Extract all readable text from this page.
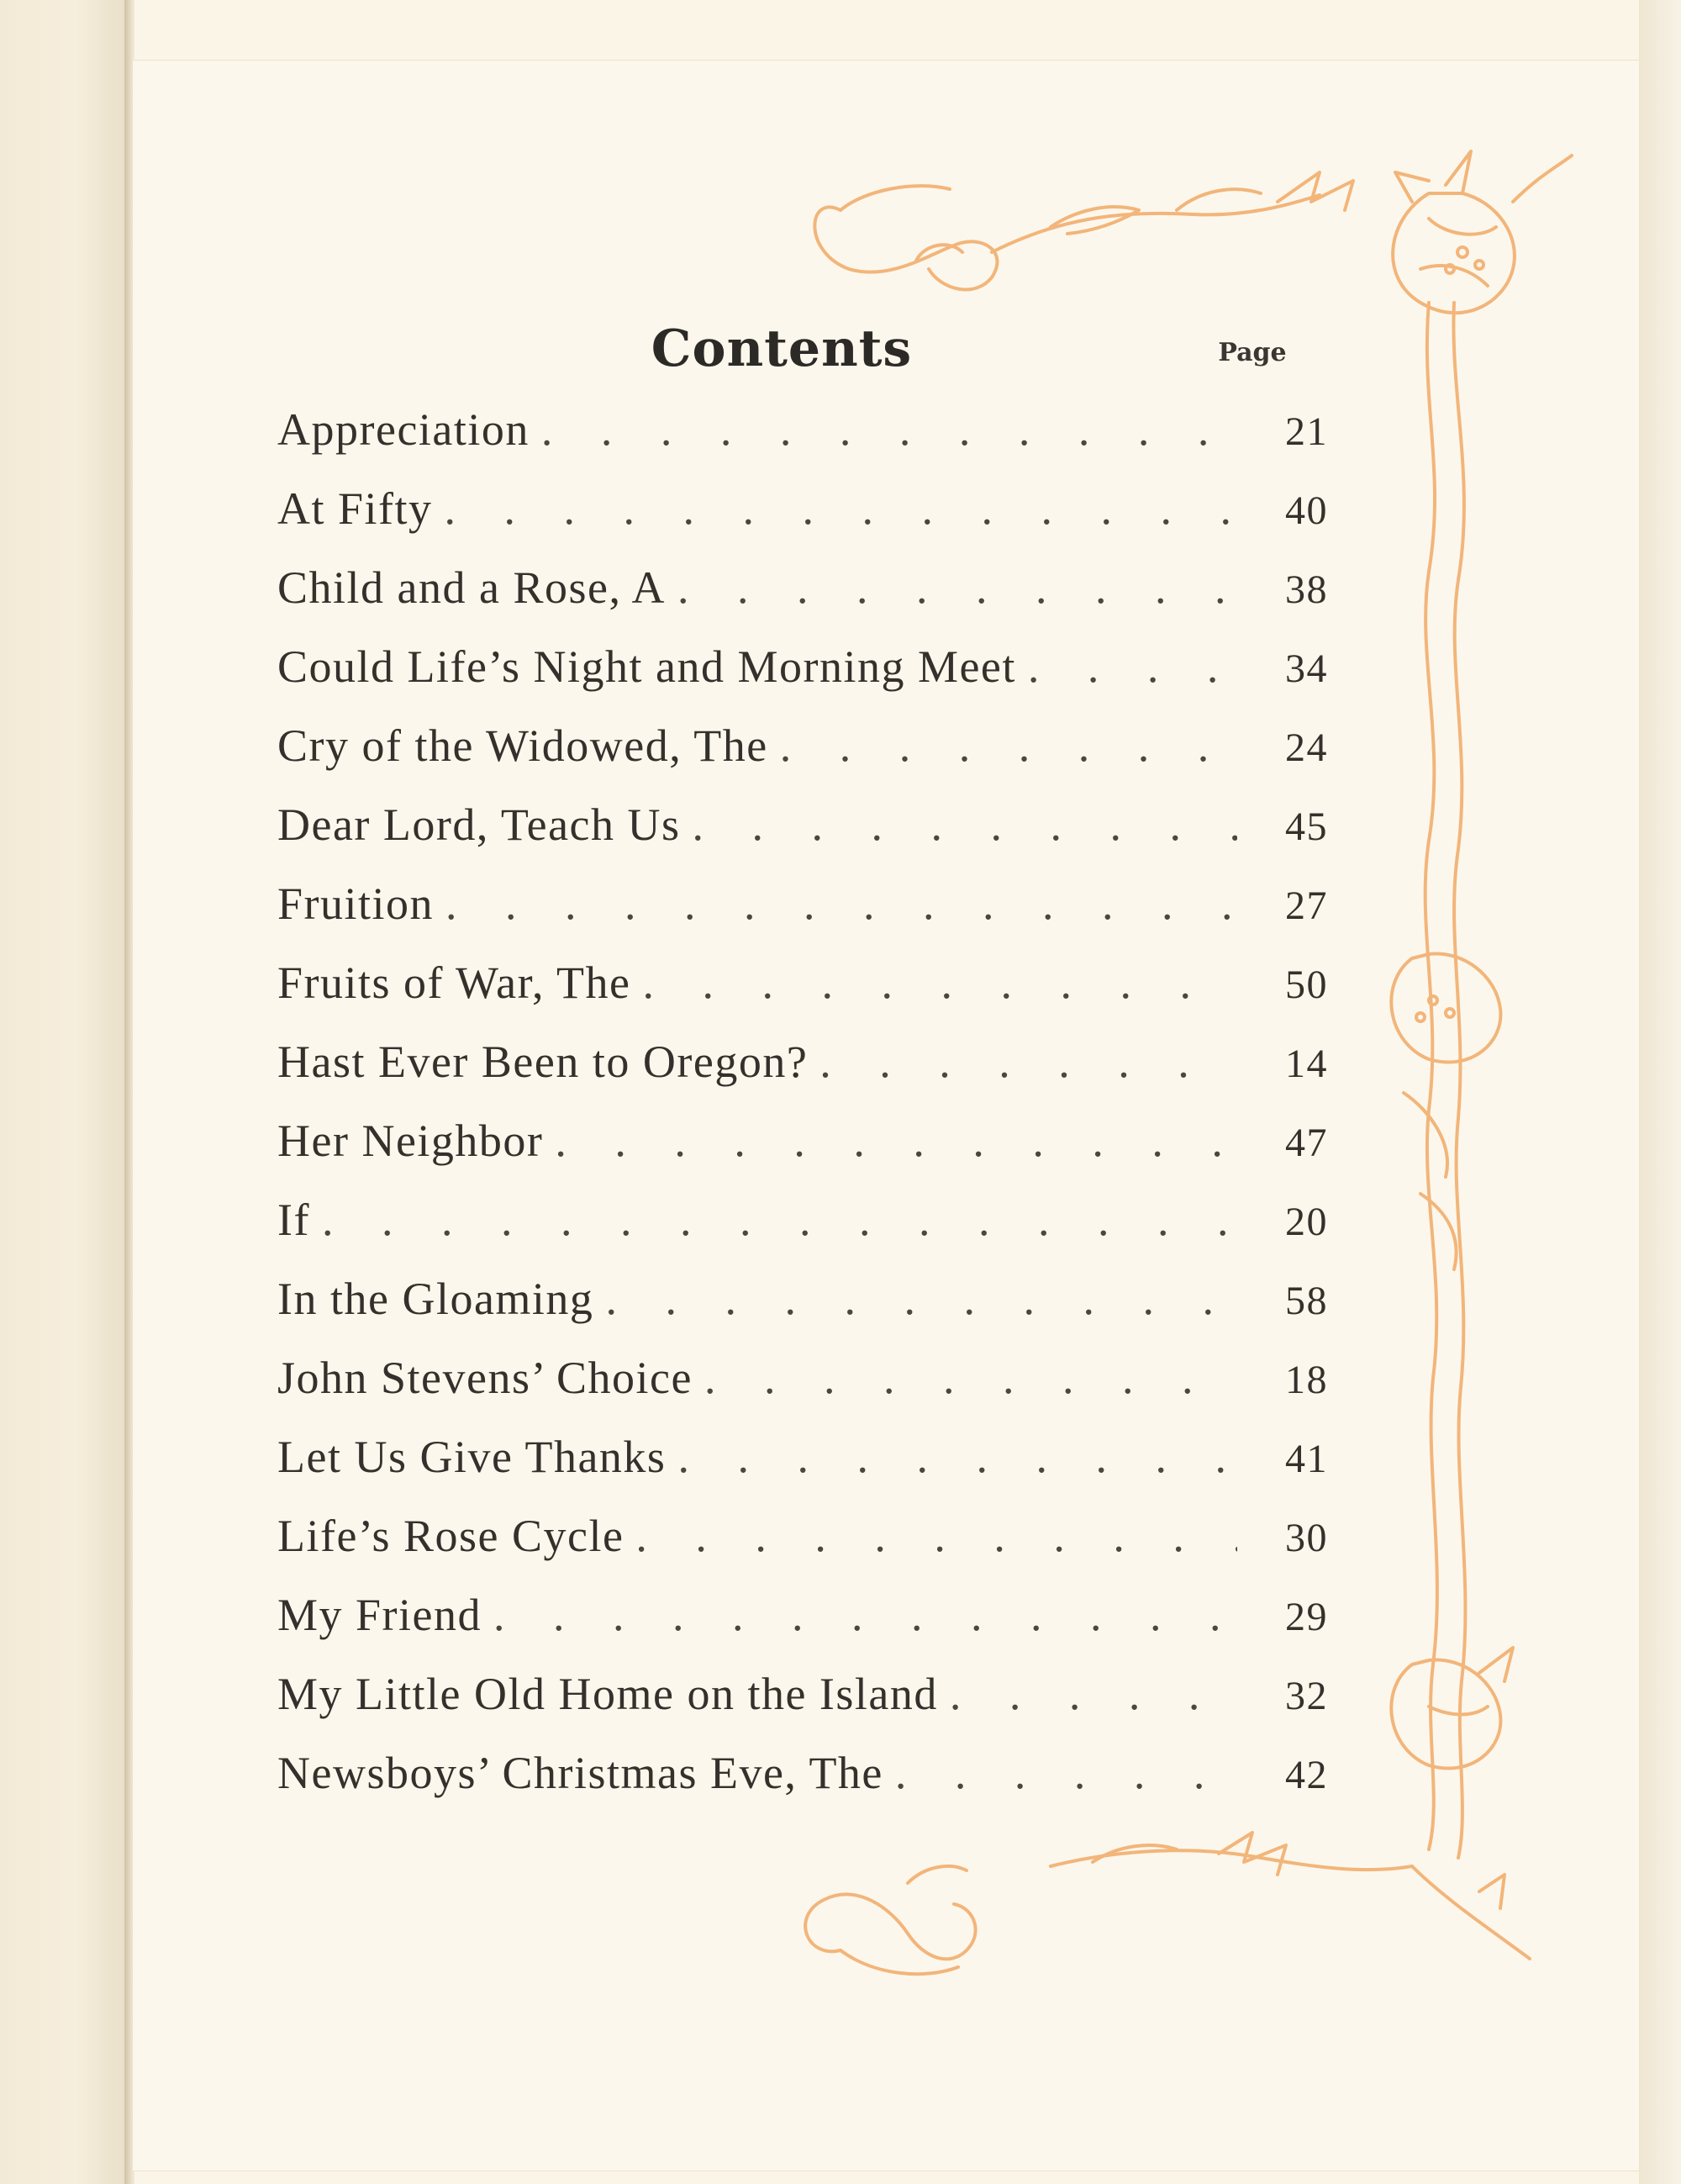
Contents	Page
Appreciation . . .	21
At Fifty . . .	40
Child and a Rose, A . . .	38
Could Life’s Night and Morning Meet . . .	34
Cry of the Widowed, The . . .	24
Dear Lord, Teach Us . . .	45
Fruition . . .	27
Fruits of War, The . . .	50
Hast Ever Been to Oregon? . . .	14
Her Neighbor . . .	47
If . . .	20
In the Gloaming . . .	58
John Stevens’ Choice . . .	18
Let Us Give Thanks . . .	41
Life’s Rose Cycle . . .	30
My Friend . . .	29
My Little Old Home on the Island . . .	32
Newsboys’ Christmas Eve, The . . .	42
